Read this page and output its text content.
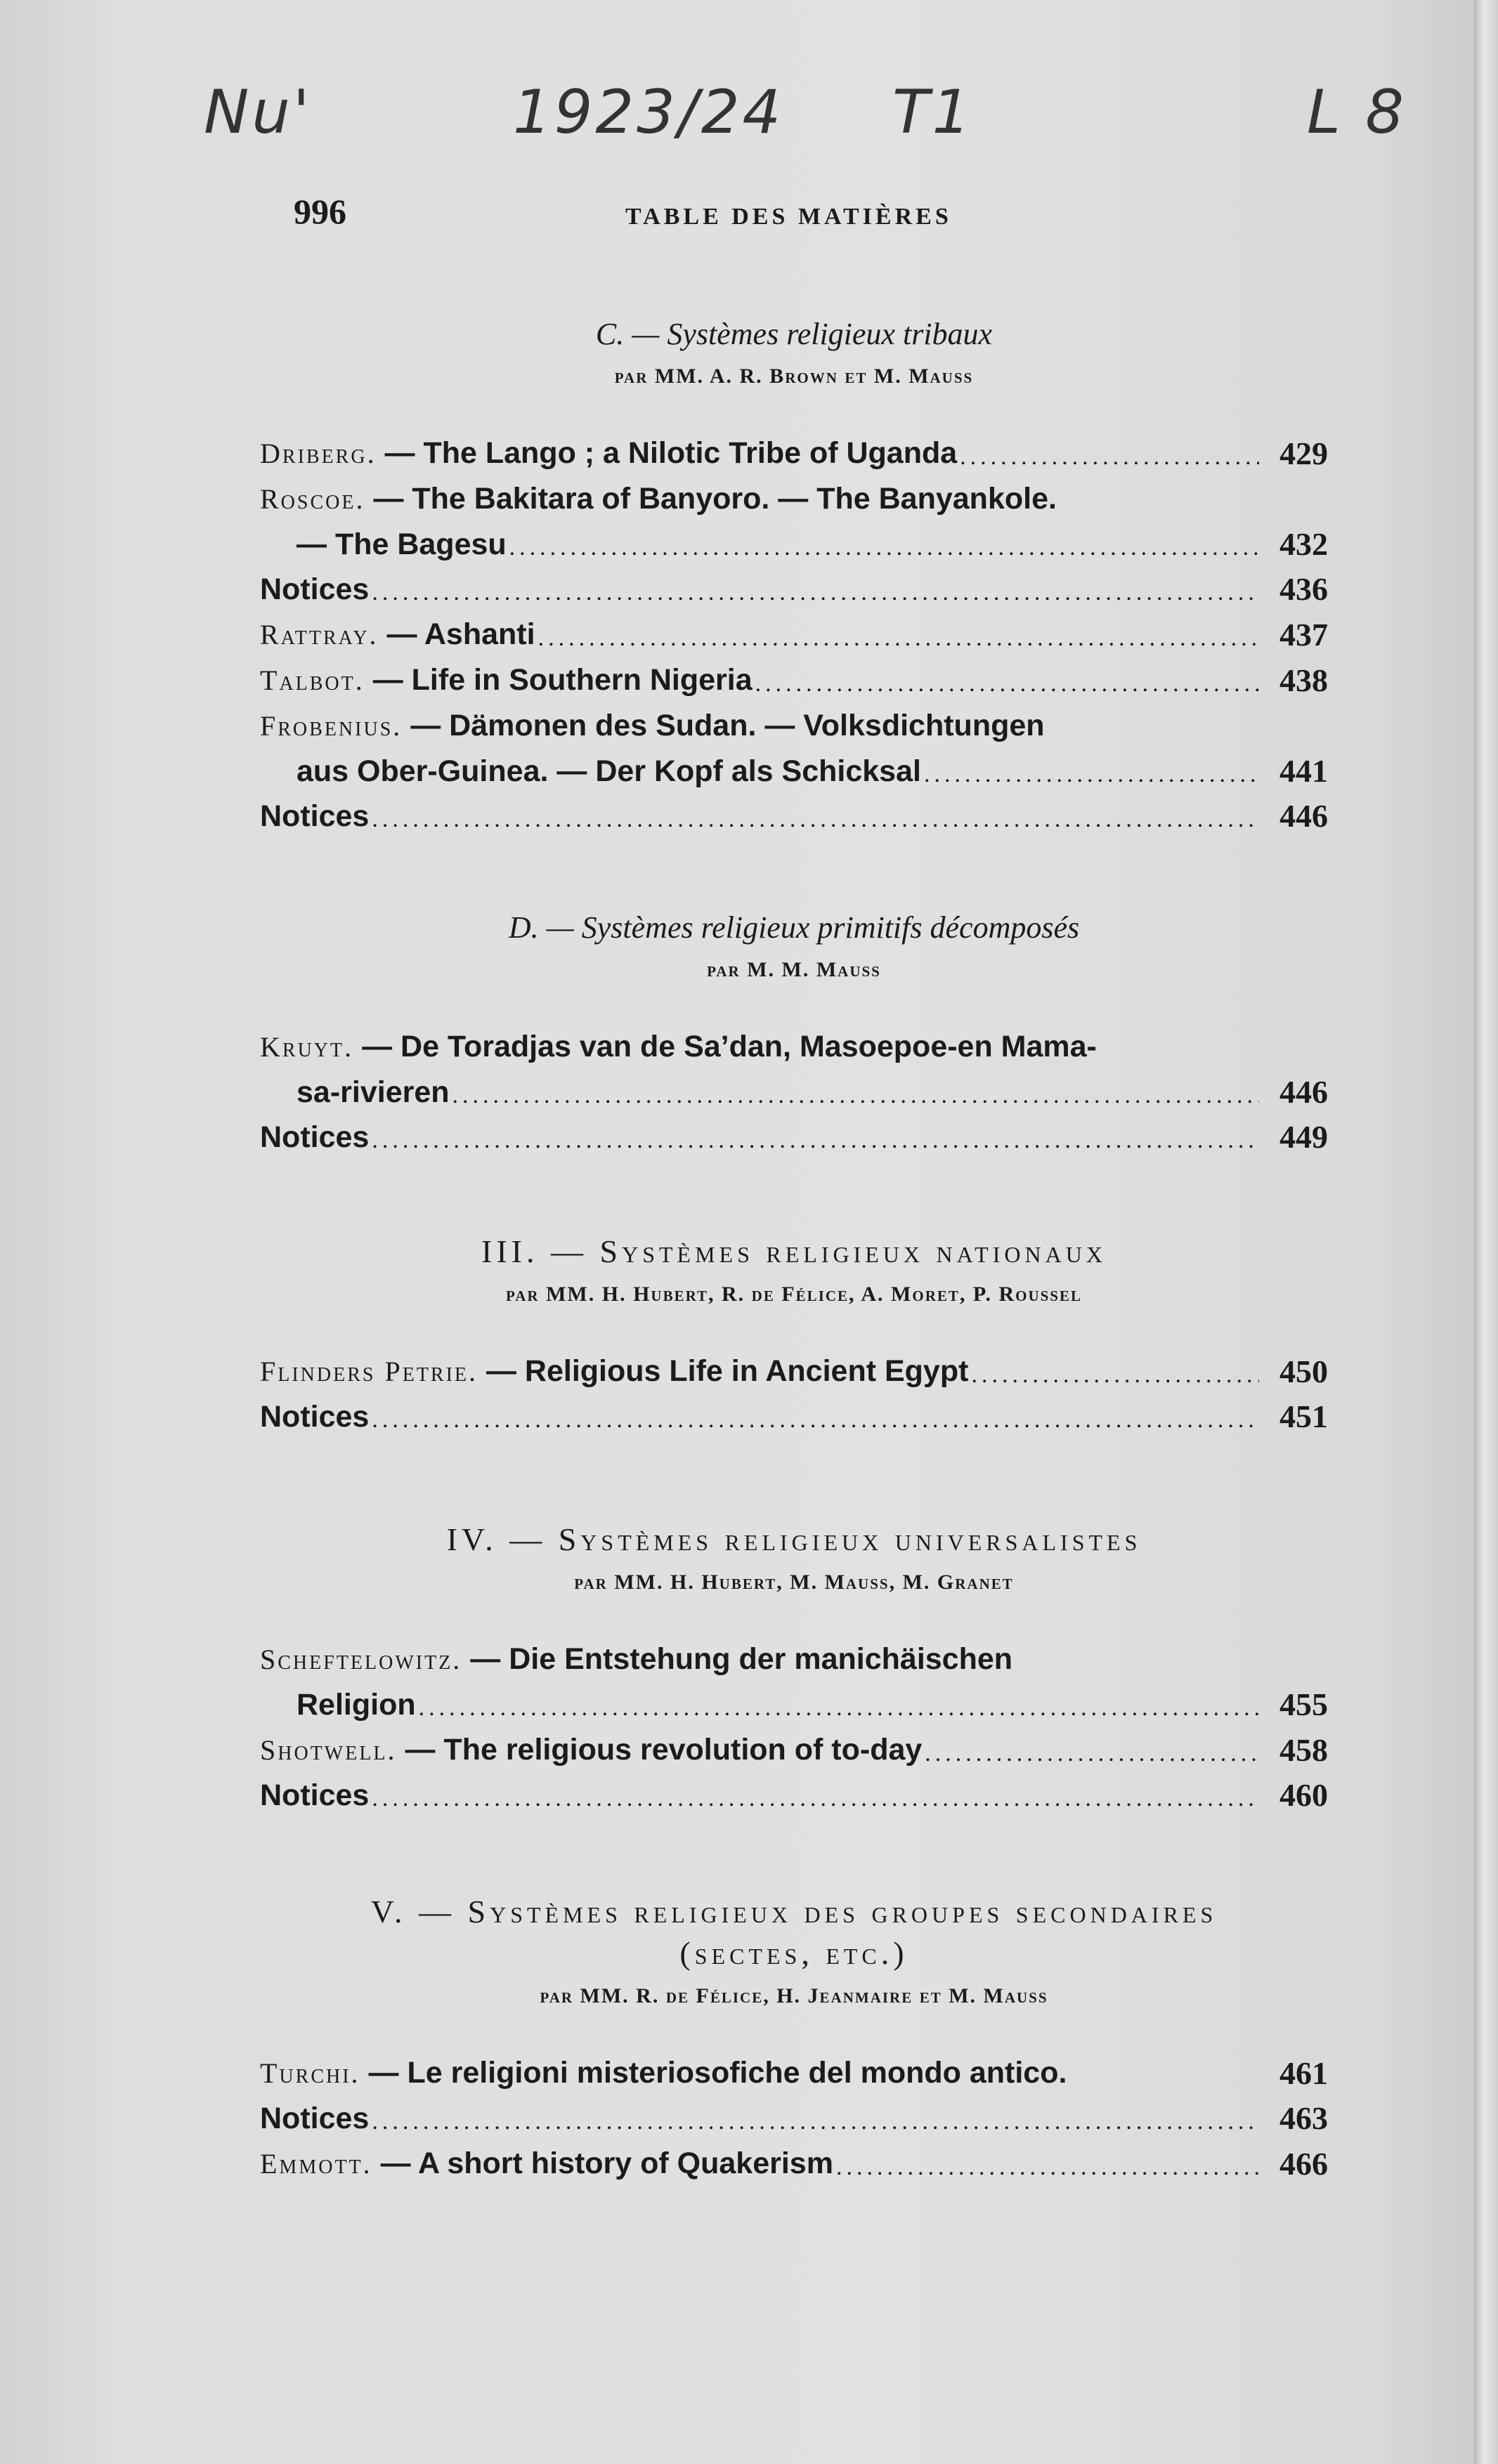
Nu'	1923/24 T1	L 8
996	TABLE DES MATIÈRES
C. — Systèmes religieux tribaux
par MM. A. R. Brown et M. Mauss
Driberg. — The Lango ; a Nilotic Tribe of Uganda .....	429
Roscoe. — The Bakitara of Banyoro. — The Banyankole.
— The Bagesu .....	432
Notices .....	436
Rattray. — Ashanti .....	437
Talbot. — Life in Southern Nigeria .....	438
Frobenius. — Dämonen des Sudan. — Volksdichtungen
aus Ober-Guinea. — Der Kopf als Schicksal .....	441
Notices .....	446
D. — Systèmes religieux primitifs décomposés
par M. M. Mauss
Kruyt. — De Toradjas van de Sa’dan, Masoepoe-en Mama-
sa-rivieren .....	446
Notices .....	449
III. — Systèmes religieux nationaux
par MM. H. Hubert, R. de Félice, A. Moret, P. Roussel
Flinders Petrie. — Religious Life in Ancient Egypt .....	450
Notices .....	451
IV. — Systèmes religieux universalistes
par MM. H. Hubert, M. Mauss, M. Granet
Scheftelowitz. — Die Entstehung der manichäischen
Religion .....	455
Shotwell. — The religious revolution of to-day .....	458
Notices .....	460
V. — Systèmes religieux des groupes secondaires
(sectes, etc.)
par MM. R. de Félice, H. Jeanmaire et M. Mauss
Turchi. — Le religioni misteriosofiche del mondo antico.	461
Notices .....	463
Emmott. — A short history of Quakerism .....	466
